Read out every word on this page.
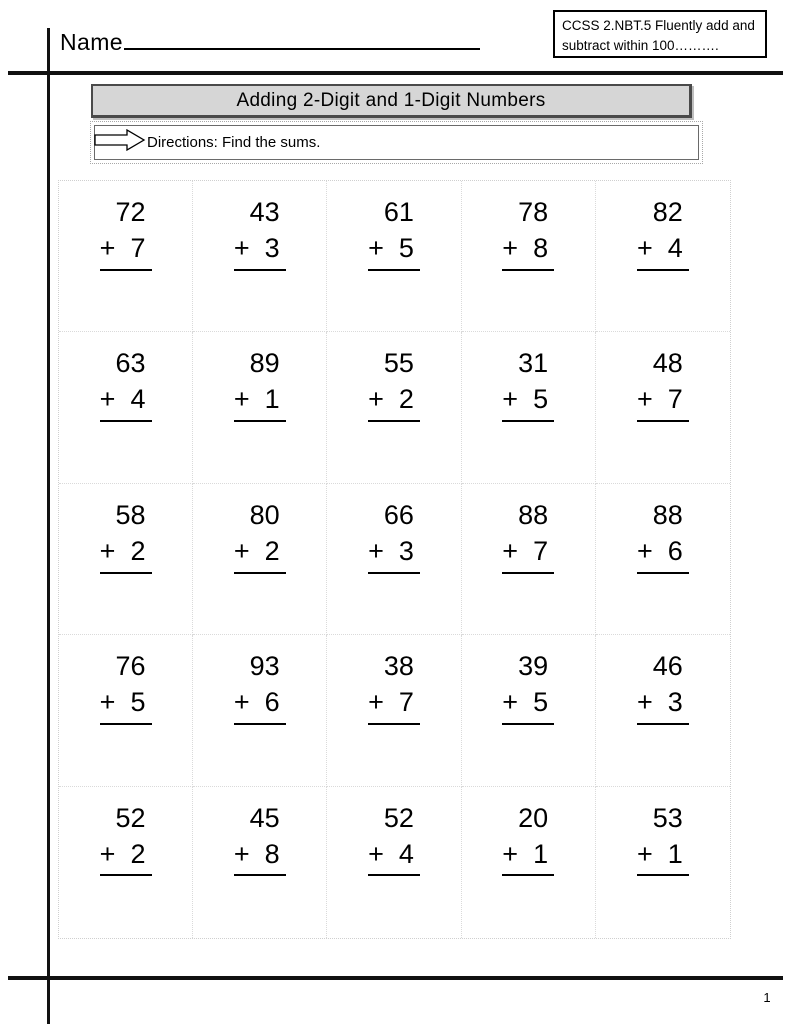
Name
CCSS 2.NBT.5 Fluently add and subtract within 100……….
Adding 2-Digit and 1-Digit Numbers
Directions: Find the sums.
72
+ 7
43
+ 3
61
+ 5
78
+ 8
82
+ 4
63
+ 4
89
+ 1
55
+ 2
31
+ 5
48
+ 7
58
+ 2
80
+ 2
66
+ 3
88
+ 7
88
+ 6
76
+ 5
93
+ 6
38
+ 7
39
+ 5
46
+ 3
52
+ 2
45
+ 8
52
+ 4
20
+ 1
53
+ 1
1
